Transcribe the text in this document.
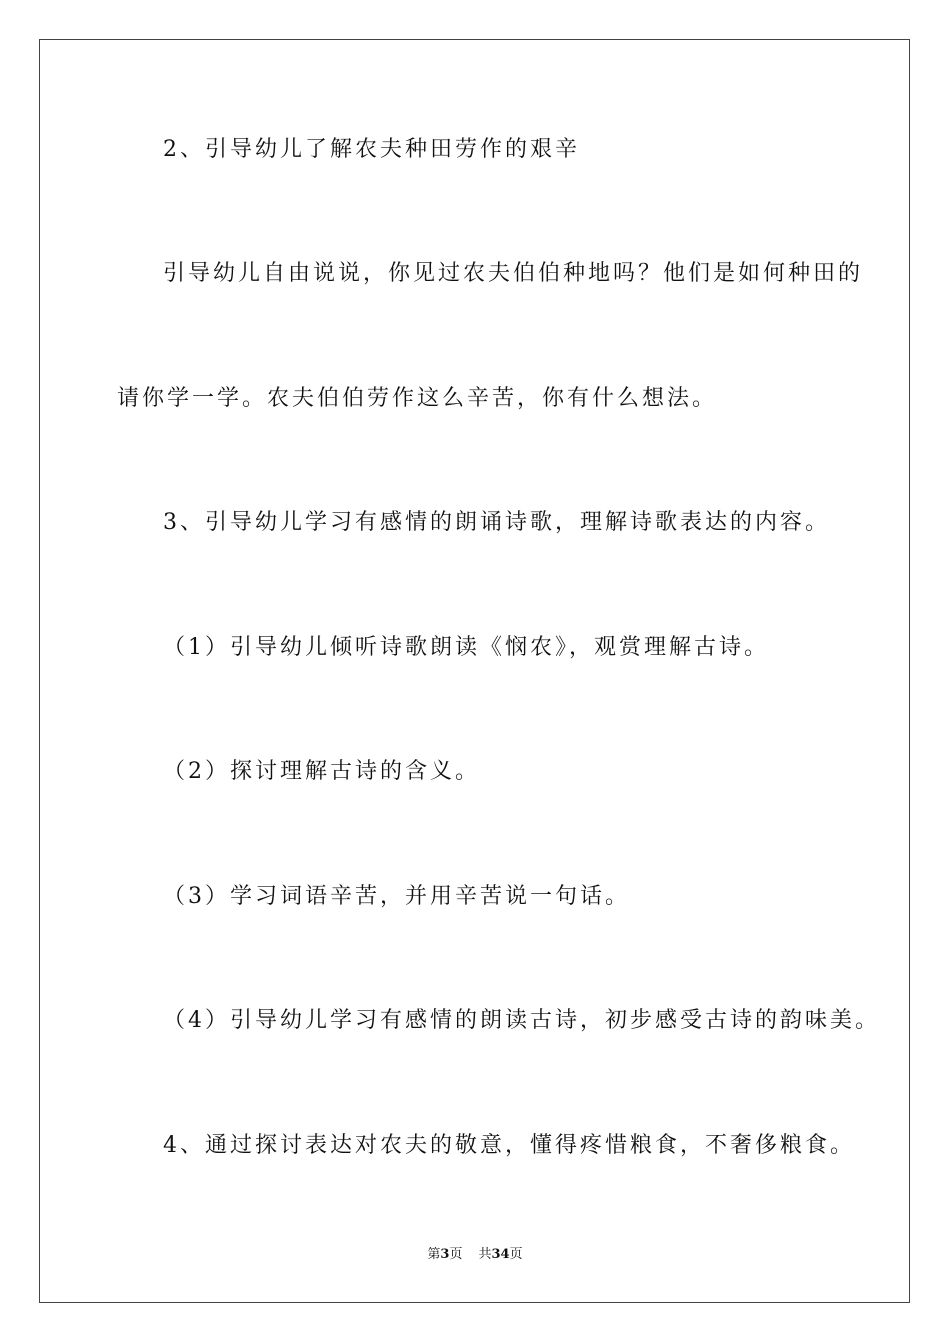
2、引导幼儿了解农夫种田劳作的艰辛
引导幼儿自由说说，你见过农夫伯伯种地吗？他们是如何种田的
请你学一学。农夫伯伯劳作这么辛苦，你有什么想法。
3、引导幼儿学习有感情的朗诵诗歌，理解诗歌表达的内容。
（1）引导幼儿倾听诗歌朗读《悯农》，观赏理解古诗。
（2）探讨理解古诗的含义。
（3）学习词语辛苦，并用辛苦说一句话。
（4）引导幼儿学习有感情的朗读古诗，初步感受古诗的韵味美。
4、通过探讨表达对农夫的敬意，懂得疼惜粮食，不奢侈粮食。
第3页 共34页
